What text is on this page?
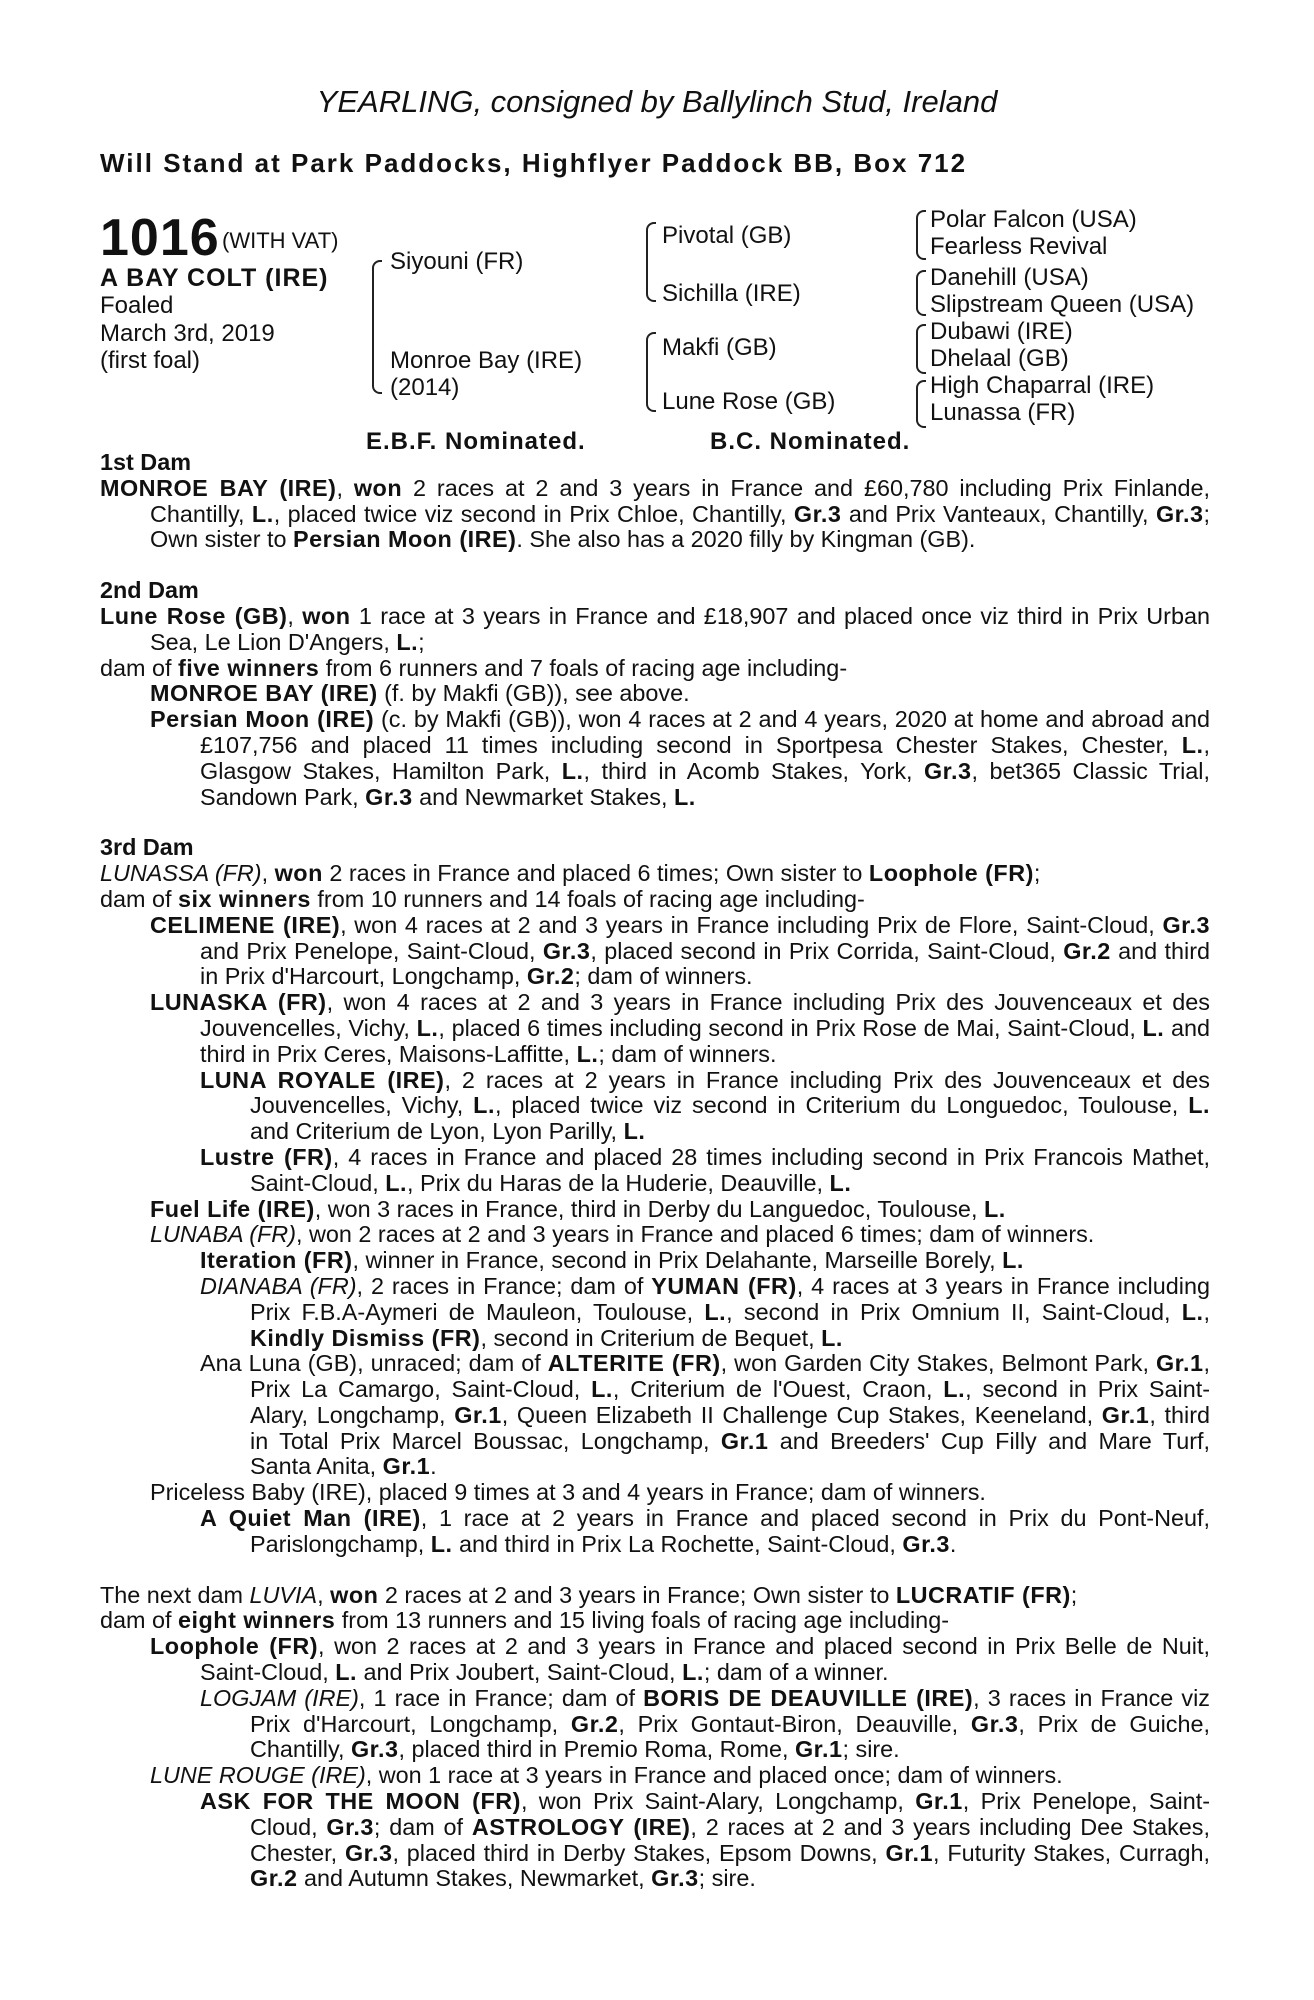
YEARLING, consigned by Ballylinch Stud, Ireland
Will Stand at Park Paddocks, Highflyer Paddock BB, Box 712
1016 (WITH VAT)
A BAY COLT (IRE)
Foaled
March 3rd, 2019
(first foal)
Siyouni (FR)
Monroe Bay (IRE)
(2014)
Pivotal (GB)
Sichilla (IRE)
Makfi (GB)
Lune Rose (GB)
Polar Falcon (USA)
Fearless Revival
Danehill (USA)
Slipstream Queen (USA)
Dubawi (IRE)
Dhelaal (GB)
High Chaparral (IRE)
Lunassa (FR)
E.B.F. Nominated.	B.C. Nominated.

1st Dam

MONROE BAY (IRE), won 2 races at 2 and 3 years in France and £60,780 including Prix Finlande, Chantilly, L., placed twice viz second in Prix Chloe, Chantilly, Gr.3 and Prix Vanteaux, Chantilly, Gr.3; Own sister to Persian Moon (IRE). She also has a 2020 filly by Kingman (GB).

2nd Dam

Lune Rose (GB), won 1 race at 3 years in France and £18,907 and placed once viz third in Prix Urban Sea, Le Lion D'Angers, L.;

dam of five winners from 6 runners and 7 foals of racing age including-

MONROE BAY (IRE) (f. by Makfi (GB)), see above.

Persian Moon (IRE) (c. by Makfi (GB)), won 4 races at 2 and 4 years, 2020 at home and abroad and £107,756 and placed 11 times including second in Sportpesa Chester Stakes, Chester, L., Glasgow Stakes, Hamilton Park, L., third in Acomb Stakes, York, Gr.3, bet365 Classic Trial, Sandown Park, Gr.3 and Newmarket Stakes, L.

3rd Dam

LUNASSA (FR), won 2 races in France and placed 6 times; Own sister to Loophole (FR);

dam of six winners from 10 runners and 14 foals of racing age including-

CELIMENE (IRE), won 4 races at 2 and 3 years in France including Prix de Flore, Saint-Cloud, Gr.3 and Prix Penelope, Saint-Cloud, Gr.3, placed second in Prix Corrida, Saint-Cloud, Gr.2 and third in Prix d'Harcourt, Longchamp, Gr.2; dam of winners.

LUNASKA (FR), won 4 races at 2 and 3 years in France including Prix des Jouvenceaux et des Jouvencelles, Vichy, L., placed 6 times including second in Prix Rose de Mai, Saint-Cloud, L. and third in Prix Ceres, Maisons-Laffitte, L.; dam of winners.

LUNA ROYALE (IRE), 2 races at 2 years in France including Prix des Jouvenceaux et des Jouvencelles, Vichy, L., placed twice viz second in Criterium du Longuedoc, Toulouse, L. and Criterium de Lyon, Lyon Parilly, L.

Lustre (FR), 4 races in France and placed 28 times including second in Prix Francois Mathet, Saint-Cloud, L., Prix du Haras de la Huderie, Deauville, L.

Fuel Life (IRE), won 3 races in France, third in Derby du Languedoc, Toulouse, L.

LUNABA (FR), won 2 races at 2 and 3 years in France and placed 6 times; dam of winners.

Iteration (FR), winner in France, second in Prix Delahante, Marseille Borely, L.

DIANABA (FR), 2 races in France; dam of YUMAN (FR), 4 races at 3 years in France including Prix F.B.A-Aymeri de Mauleon, Toulouse, L., second in Prix Omnium II, Saint-Cloud, L., Kindly Dismiss (FR), second in Criterium de Bequet, L.

Ana Luna (GB), unraced; dam of ALTERITE (FR), won Garden City Stakes, Belmont Park, Gr.1, Prix La Camargo, Saint-Cloud, L., Criterium de l'Ouest, Craon, L., second in Prix Saint-Alary, Longchamp, Gr.1, Queen Elizabeth II Challenge Cup Stakes, Keeneland, Gr.1, third in Total Prix Marcel Boussac, Longchamp, Gr.1 and Breeders' Cup Filly and Mare Turf, Santa Anita, Gr.1.

Priceless Baby (IRE), placed 9 times at 3 and 4 years in France; dam of winners.

A Quiet Man (IRE), 1 race at 2 years in France and placed second in Prix du Pont-Neuf, Parislongchamp, L. and third in Prix La Rochette, Saint-Cloud, Gr.3.

The next dam LUVIA, won 2 races at 2 and 3 years in France; Own sister to LUCRATIF (FR);

dam of eight winners from 13 runners and 15 living foals of racing age including-

Loophole (FR), won 2 races at 2 and 3 years in France and placed second in Prix Belle de Nuit, Saint-Cloud, L. and Prix Joubert, Saint-Cloud, L.; dam of a winner.

LOGJAM (IRE), 1 race in France; dam of BORIS DE DEAUVILLE (IRE), 3 races in France viz Prix d'Harcourt, Longchamp, Gr.2, Prix Gontaut-Biron, Deauville, Gr.3, Prix de Guiche, Chantilly, Gr.3, placed third in Premio Roma, Rome, Gr.1; sire.

LUNE ROUGE (IRE), won 1 race at 3 years in France and placed once; dam of winners.

ASK FOR THE MOON (FR), won Prix Saint-Alary, Longchamp, Gr.1, Prix Penelope, Saint-Cloud, Gr.3; dam of ASTROLOGY (IRE), 2 races at 2 and 3 years including Dee Stakes, Chester, Gr.3, placed third in Derby Stakes, Epsom Downs, Gr.1, Futurity Stakes, Curragh, Gr.2 and Autumn Stakes, Newmarket, Gr.3; sire.
